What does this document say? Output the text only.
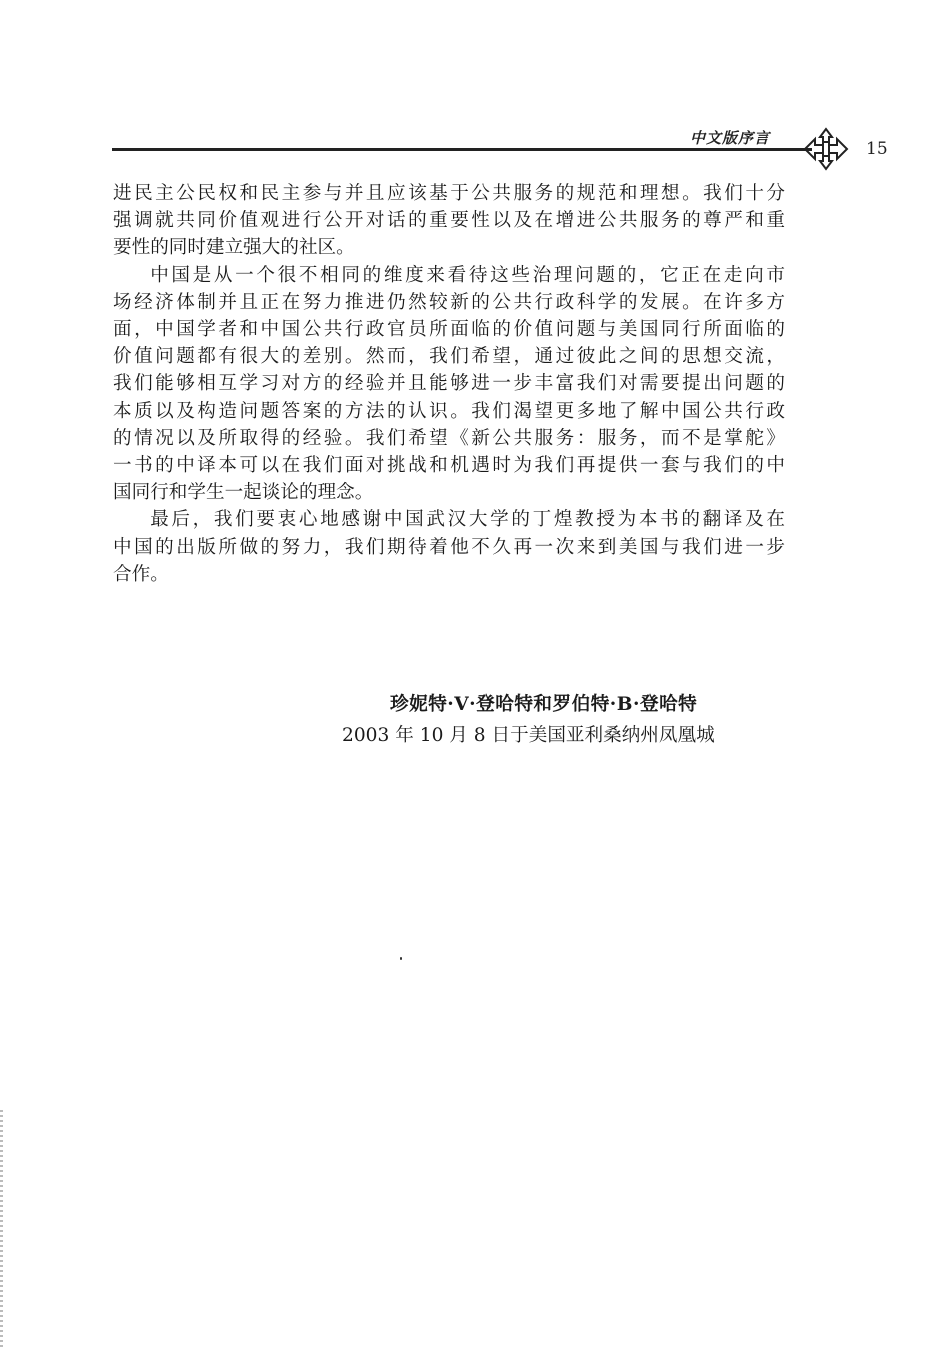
中文版序言
15

进民主公民权和民主参与并且应该基于公共服务的规范和理想。我们十分
强调就共同价值观进行公开对话的重要性以及在增进公共服务的尊严和重
要性的同时建立强大的社区。

中国是从一个很不相同的维度来看待这些治理问题的，它正在走向市
场经济体制并且正在努力推进仍然较新的公共行政科学的发展。在许多方
面，中国学者和中国公共行政官员所面临的价值问题与美国同行所面临的
价值问题都有很大的差别。然而，我们希望，通过彼此之间的思想交流，
我们能够相互学习对方的经验并且能够进一步丰富我们对需要提出问题的
本质以及构造问题答案的方法的认识。我们渴望更多地了解中国公共行政
的情况以及所取得的经验。我们希望《新公共服务：服务，而不是掌舵》
一书的中译本可以在我们面对挑战和机遇时为我们再提供一套与我们的中
国同行和学生一起谈论的理念。

最后，我们要衷心地感谢中国武汉大学的丁煌教授为本书的翻译及在
中国的出版所做的努力，我们期待着他不久再一次来到美国与我们进一步
合作。

珍妮特·V·登哈特和罗伯特·B·登哈特
2003 年 10 月 8 日于美国亚利桑纳州凤凰城
